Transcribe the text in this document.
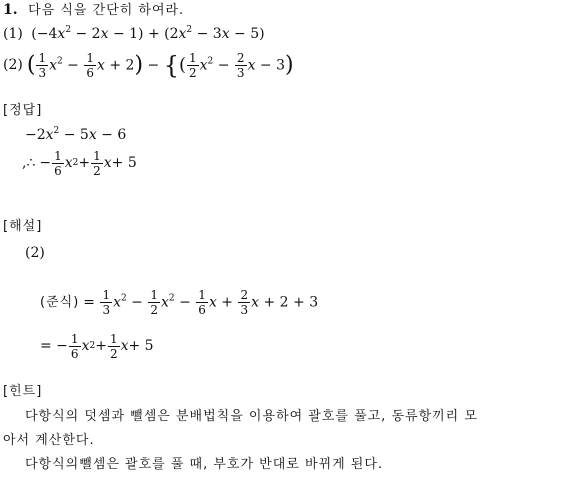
1. 다음 식을 간단히 하여라.
(1) $(-4x^2 - 2x - 1) + (2x^2 - 3x - 5)$
(2) ( $\frac{1}{3} x^2 - \frac{1}{6}$ x + 2) − {( $\frac{1}{2} x^2 - \frac{2}{3}$ x − 3)
[정답]
$-2x^2 - 5x - 6$
,∴ − $\frac{1}{6}$ x $2 + \frac{1}{2}$ x + 5
[해설]
(2)
(준식) = $\frac{1}{3} x^2 - \frac{1}{2} x^2 - \frac{1}{6}$ $x + \frac{2}{3}$ x + 2 + 3
= − $\frac{1}{6}$ x $2 + \frac{1}{2}$ x + 5
[힌트]
다항식의 덧셈과 뺄셈은 분배법칙을 이용하여 괄호를 풀고, 동류항끼리 모
아서 계산한다.
다항식의뺄셈은 괄호를 풀 때, 부호가 반대로 바뀌게 된다.
